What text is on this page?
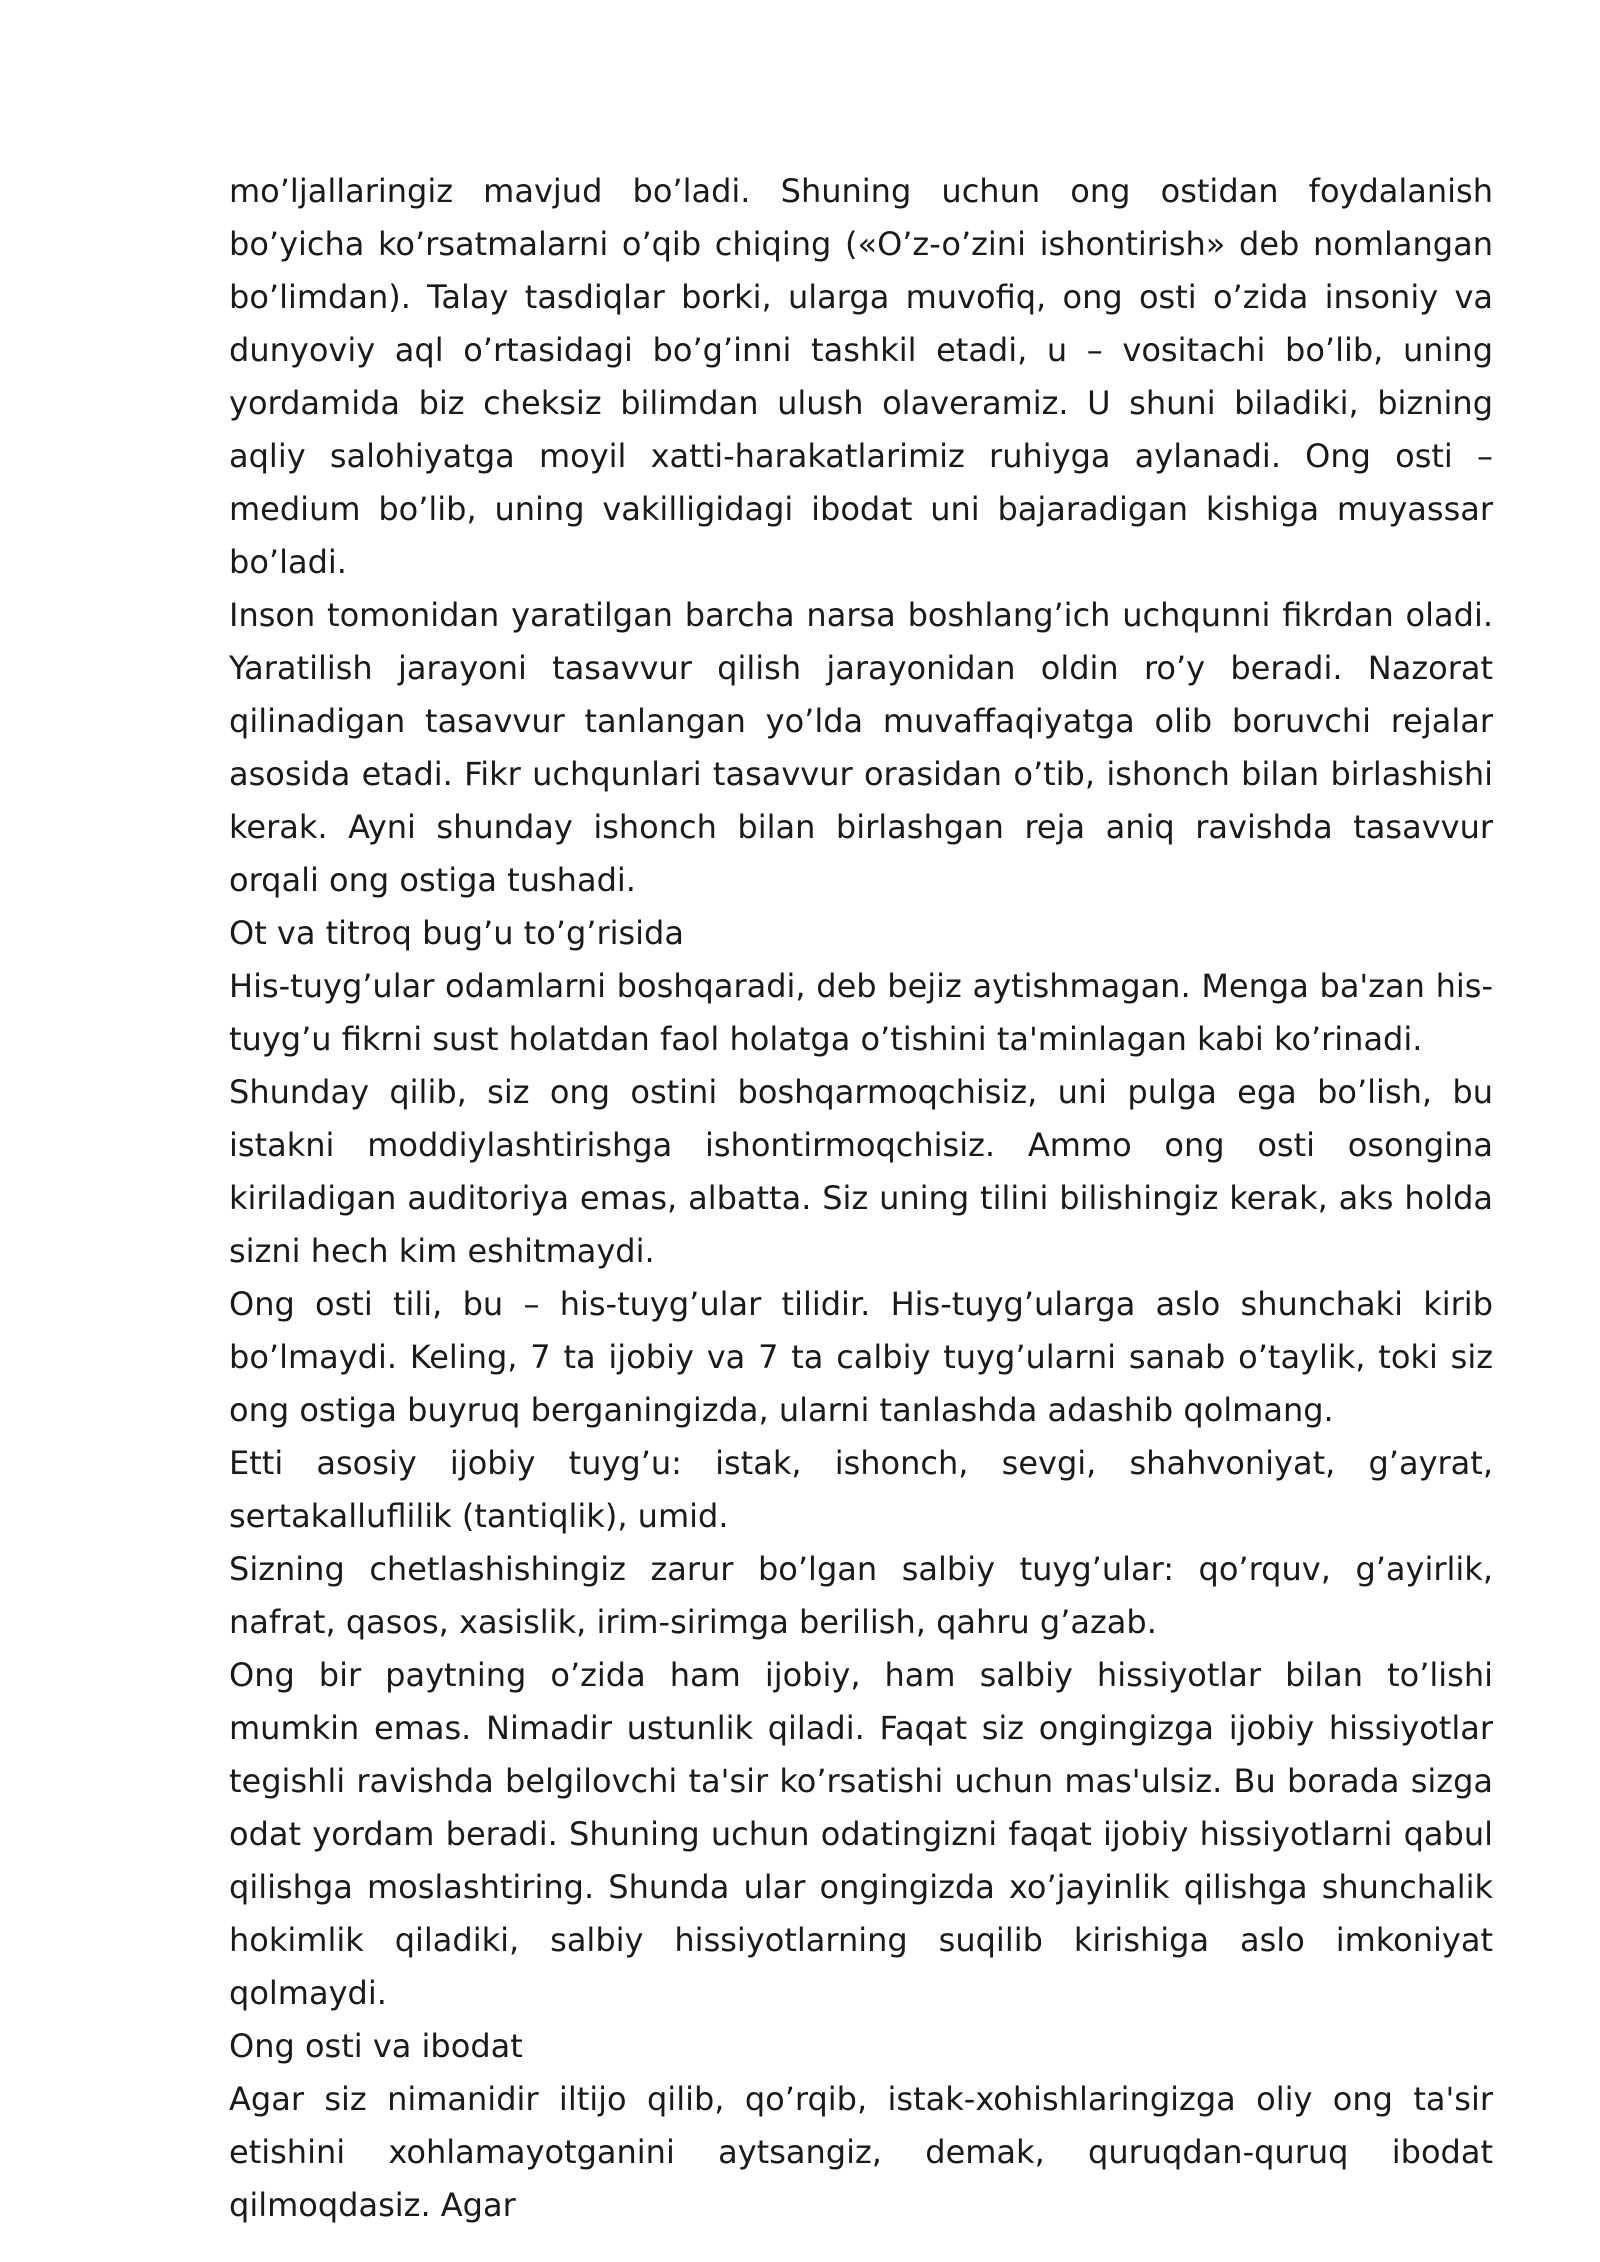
mo’ljallaringiz mavjud bo’ladi. Shuning uchun ong ostidan foydalanish bo’yicha ko’rsatmalarni o’qib chiqing («O’z-o’zini ishontirish» deb nomlangan bo’limdan). Talay tasdiqlar borki, ularga muvofiq, ong osti o’zida insoniy va dunyoviy aql o’rtasidagi bo’g’inni tashkil etadi, u – vositachi bo’lib, uning yordamida biz cheksiz bilimdan ulush olaveramiz. U shuni biladiki, bizning aqliy salohiyatga moyil xatti-harakatlarimiz ruhiyga aylanadi. Ong osti – medium bo’lib, uning vakilligidagi ibodat uni bajaradigan kishiga muyassar bo’ladi.

Inson tomonidan yaratilgan barcha narsa boshlang’ich uchqunni fikrdan oladi. Yaratilish jarayoni tasavvur qilish jarayonidan oldin ro’y beradi. Nazorat qilinadigan tasavvur tanlangan yo’lda muvaffaqiyatga olib boruvchi rejalar asosida etadi. Fikr uchqunlari tasavvur orasidan o’tib, ishonch bilan birlashishi kerak. Ayni shunday ishonch bilan birlashgan reja aniq ravishda tasavvur orqali ong ostiga tushadi.

Ot va titroq bug’u to’g’risida

His-tuyg’ular odamlarni boshqaradi, deb bejiz aytishmagan. Menga ba'zan his-tuyg’u fikrni sust holatdan faol holatga o’tishini ta'minlagan kabi ko’rinadi.

Shunday qilib, siz ong ostini boshqarmoqchisiz, uni pulga ega bo’lish, bu istakni moddiylashtirishga ishontirmoqchisiz. Ammo ong osti osongina kiriladigan auditoriya emas, albatta. Siz uning tilini bilishingiz kerak, aks holda sizni hech kim eshitmaydi.

Ong osti tili, bu – his-tuyg’ular tilidir. His-tuyg’ularga aslo shunchaki kirib bo’lmaydi. Keling, 7 ta ijobiy va 7 ta calbiy tuyg’ularni sanab o’taylik, toki siz ong ostiga buyruq berganingizda, ularni tanlashda adashib qolmang.

Etti asosiy ijobiy tuyg’u: istak, ishonch, sevgi, shahvoniyat, g’ayrat, sertakalluflilik (tantiqlik), umid.

Sizning chetlashishingiz zarur bo’lgan salbiy tuyg’ular: qo’rquv, g’ayirlik, nafrat, qasos, xasislik, irim-sirimga berilish, qahru g’azab.

Ong bir paytning o’zida ham ijobiy, ham salbiy hissiyotlar bilan to’lishi mumkin emas. Nimadir ustunlik qiladi. Faqat siz ongingizga ijobiy hissiyotlar tegishli ravishda belgilovchi ta'sir ko’rsatishi uchun mas'ulsiz. Bu borada sizga odat yordam beradi. Shuning uchun odatingizni faqat ijobiy hissiyotlarni qabul qilishga moslashtiring. Shunda ular ongingizda xo’jayinlik qilishga shunchalik hokimlik qiladiki, salbiy hissiyotlarning suqilib kirishiga aslo imkoniyat qolmaydi.

Ong osti va ibodat

Agar siz nimanidir iltijo qilib, qo’rqib, istak-xohishlaringizga oliy ong ta'sir etishini xohlamayotganini aytsangiz, demak, quruqdan-quruq ibodat qilmoqdasiz. Agar
